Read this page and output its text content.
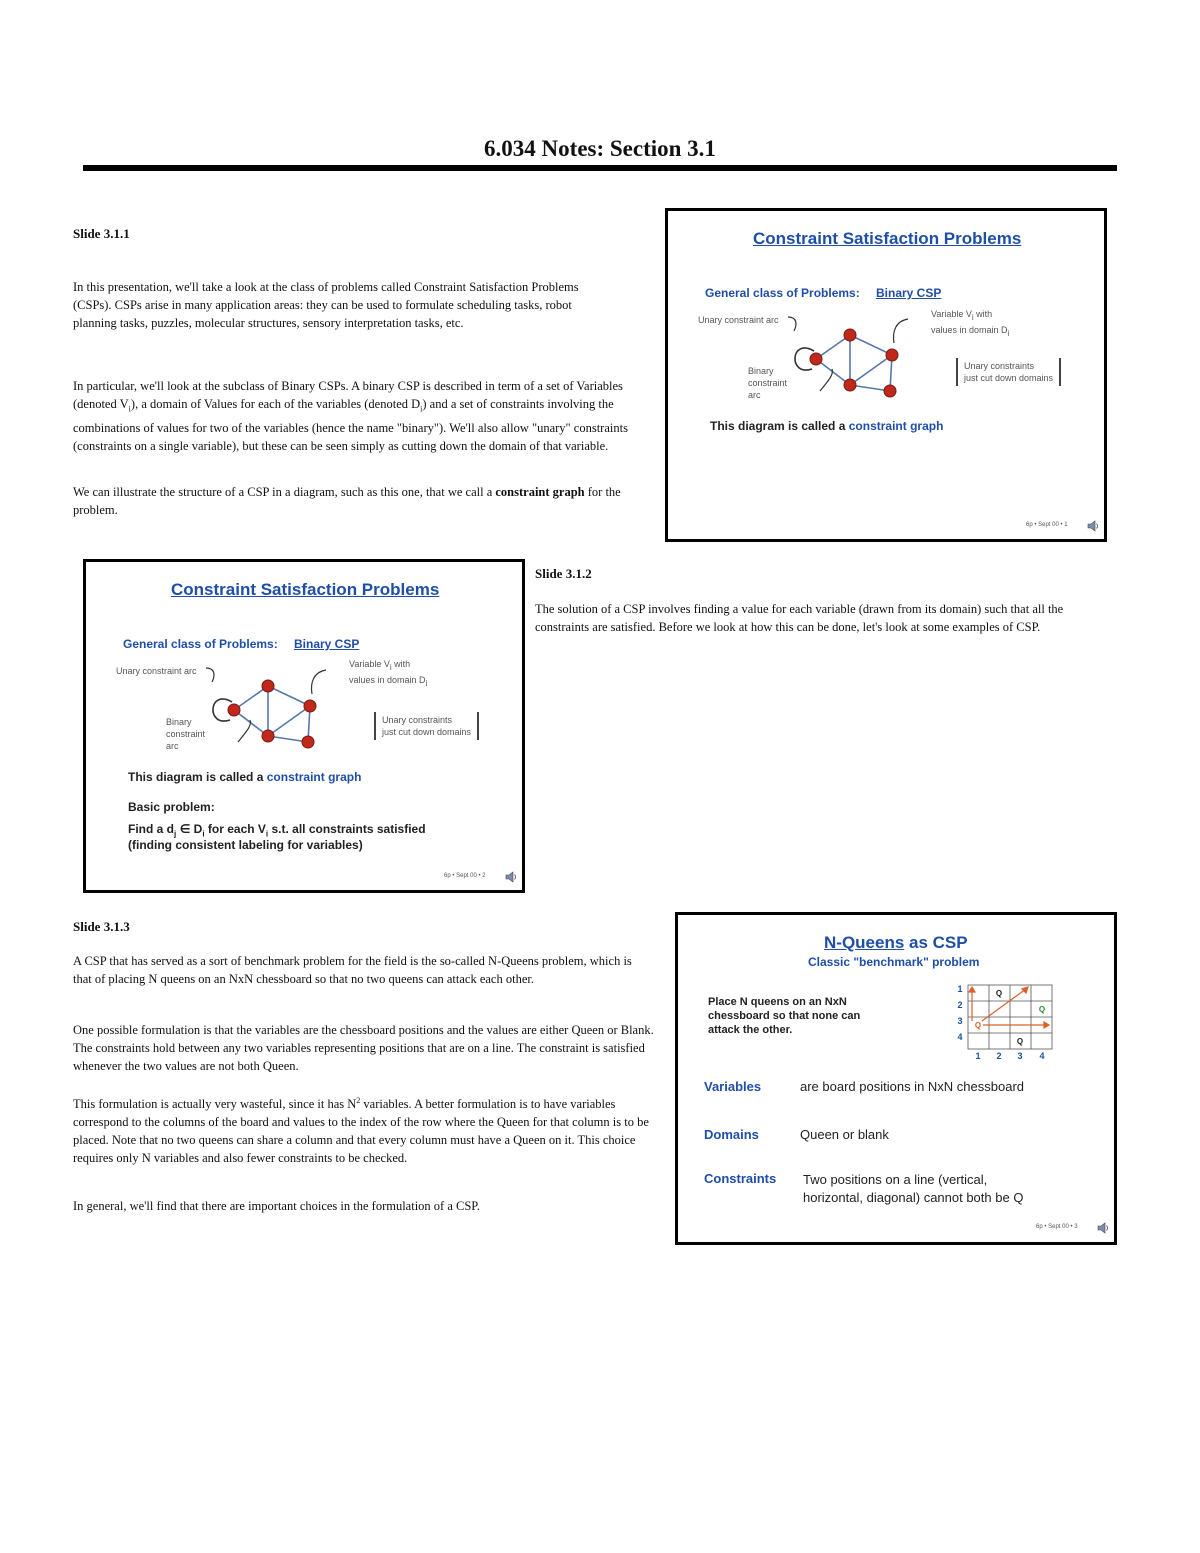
6.034 Notes: Section 3.1
Slide 3.1.1

In this presentation, we'll take a look at the class of problems called Constraint Satisfaction Problems (CSPs). CSPs arise in many application areas: they can be used to formulate scheduling tasks, robot planning tasks, puzzles, molecular structures, sensory interpretation tasks, etc.

In particular, we'll look at the subclass of Binary CSPs. A binary CSP is described in term of a set of Variables (denoted $V_i$), a domain of Values for each of the variables (denoted $D_i$) and a set of constraints involving the combinations of values for two of the variables (hence the name "binary"). We'll also allow "unary" constraints (constraints on a single variable), but these can be seen simply as cutting down the domain of that variable.

We can illustrate the structure of a CSP in a diagram, such as this one, that we call a constraint graph for the problem.

Constraint Satisfaction Problems
General class of Problems: Binary CSP
Unary constraint arc
Variable $V_i$ with
values in domain $D_i$
Binary
constraint
arc
Unary constraints
just cut down domains
This diagram is called a constraint graph
6p • Sept 00 • 1
Constraint Satisfaction Problems
General class of Problems: Binary CSP
Unary constraint arc
Variable $V_i$ with
values in domain $D_i$
Binary
constraint
arc
Unary constraints
just cut down domains
This diagram is called a constraint graph
Basic problem:
Find a $d_j$ ∈ $D_i$ for each $V_i$ s.t. all constraints satisfied
(finding consistent labeling for variables)
6p • Sept 00 • 2
Slide 3.1.2

The solution of a CSP involves finding a value for each variable (drawn from its domain) such that all the constraints are satisfied. Before we look at how this can be done, let's look at some examples of CSP.

Slide 3.1.3

A CSP that has served as a sort of benchmark problem for the field is the so-called N-Queens problem, which is that of placing N queens on an NxN chessboard so that no two queens can attack each other.

One possible formulation is that the variables are the chessboard positions and the values are either Queen or Blank. The constraints hold between any two variables representing positions that are on a line. The constraint is satisfied whenever the two values are not both Queen.

This formulation is actually very wasteful, since it has $N^2$ variables. A better formulation is to have variables correspond to the columns of the board and values to the index of the row where the Queen for that column is to be placed. Note that no two queens can share a column and that every column must have a Queen on it. This choice requires only N variables and also fewer constraints to be checked.

In general, we'll find that there are important choices in the formulation of a CSP.

N-Queens as CSP
Classic "benchmark" problem
Place N queens on an NxN
chessboard so that none can
attack the other.
1
2
3
4
1 2 3 4
Q
Q
Q
Q
Variables	are board positions in NxN chessboard
Domains	Queen or blank
Constraints Two positions on a line (vertical,
horizontal, diagonal) cannot both be Q
6p • Sept 00 • 3
